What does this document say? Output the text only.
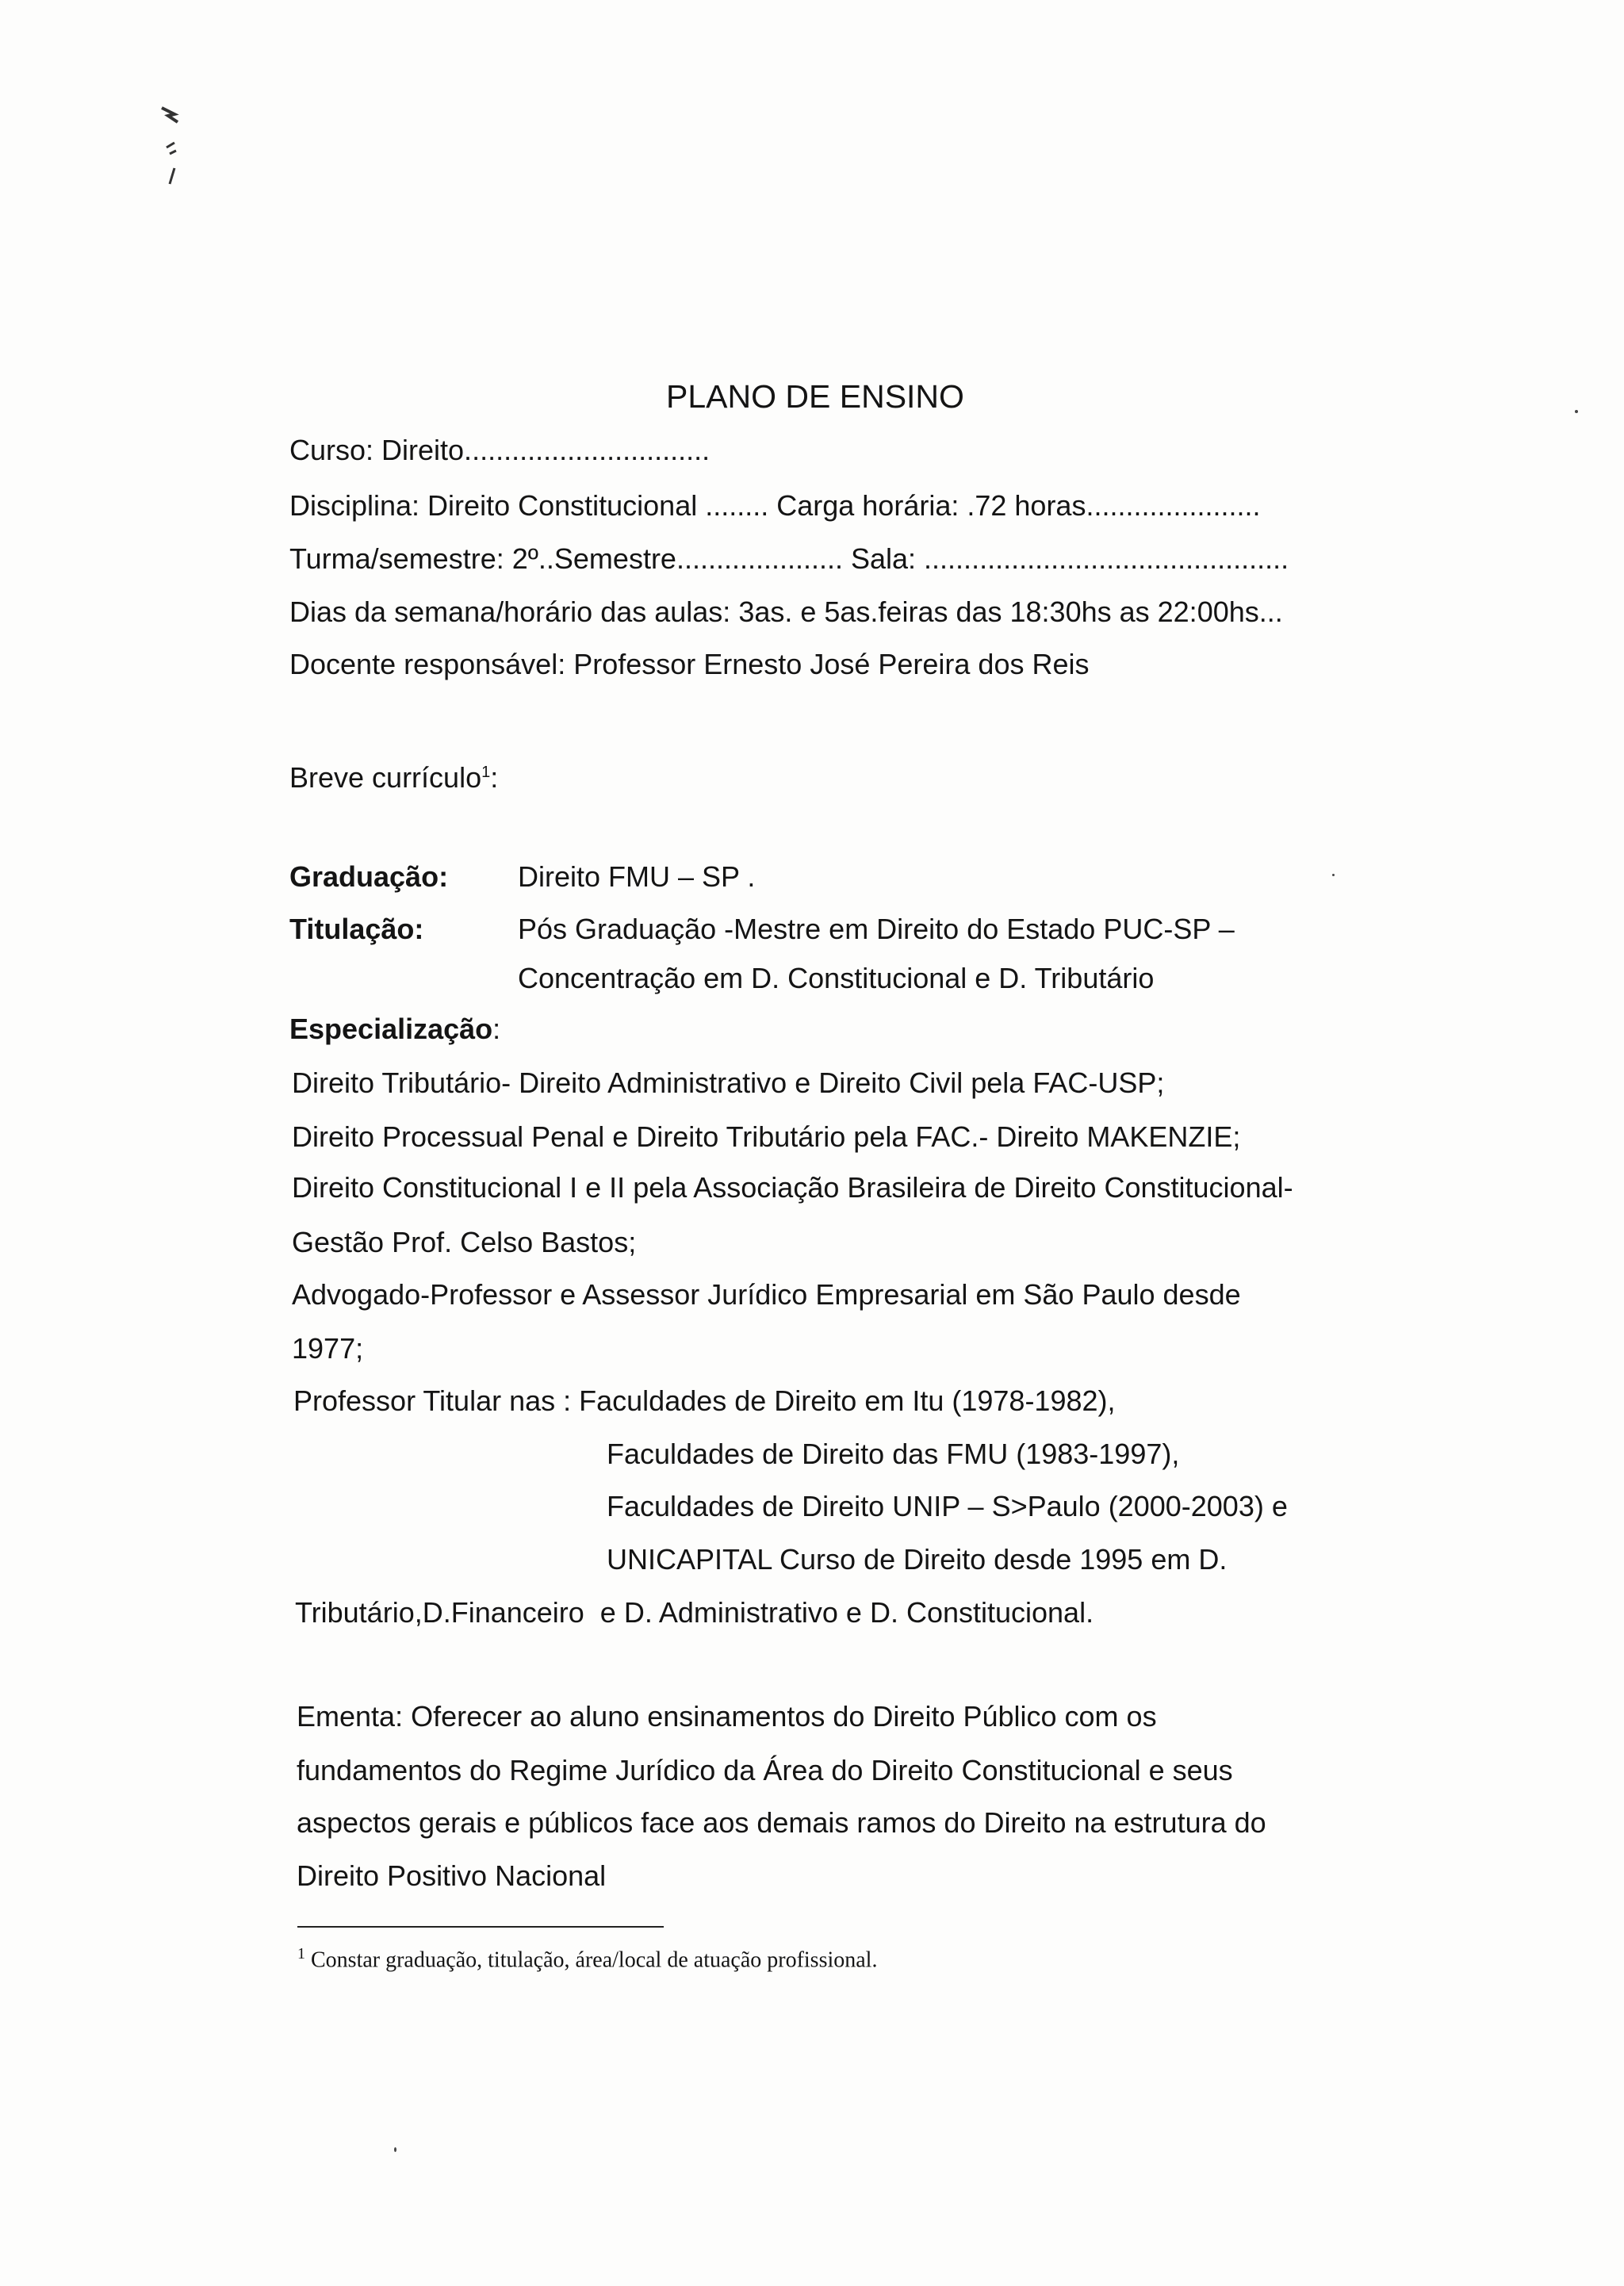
PLANO DE ENSINO
Curso: Direito...............................
Disciplina: Direito Constitucional ........ Carga horária: .72 horas......................
Turma/semestre: 2º..Semestre..................... Sala: ..............................................
Dias da semana/horário das aulas: 3as. e 5as.feiras das 18:30hs as 22:00hs...
Docente responsável: Professor Ernesto José Pereira dos Reis
Breve currículo$^1$:
Graduação: Direito FMU – SP .
Titulação:	Pós Graduação -Mestre em Direito do Estado PUC-SP –
Concentração em D. Constitucional e D. Tributário
Especialização:
Direito Tributário- Direito Administrativo e Direito Civil pela FAC-USP;
Direito Processual Penal e Direito Tributário pela FAC.- Direito MAKENZIE;
Direito Constitucional I e II pela Associação Brasileira de Direito Constitucional-
Gestão Prof. Celso Bastos;
Advogado-Professor e Assessor Jurídico Empresarial em São Paulo desde
1977;
Professor Titular nas : Faculdades de Direito em Itu (1978-1982),
Faculdades de Direito das FMU (1983-1997),
Faculdades de Direito UNIP – S>Paulo (2000-2003) e
UNICAPITAL Curso de Direito desde 1995 em D.
Tributário,D.Financeiro  e D. Administrativo e D. Constitucional.
Ementa: Oferecer ao aluno ensinamentos do Direito Público com os
fundamentos do Regime Jurídico da Área do Direito Constitucional e seus
aspectos gerais e públicos face aos demais ramos do Direito na estrutura do
Direito Positivo Nacional
$^1$ Constar graduação, titulação, área/local de atuação profissional.
